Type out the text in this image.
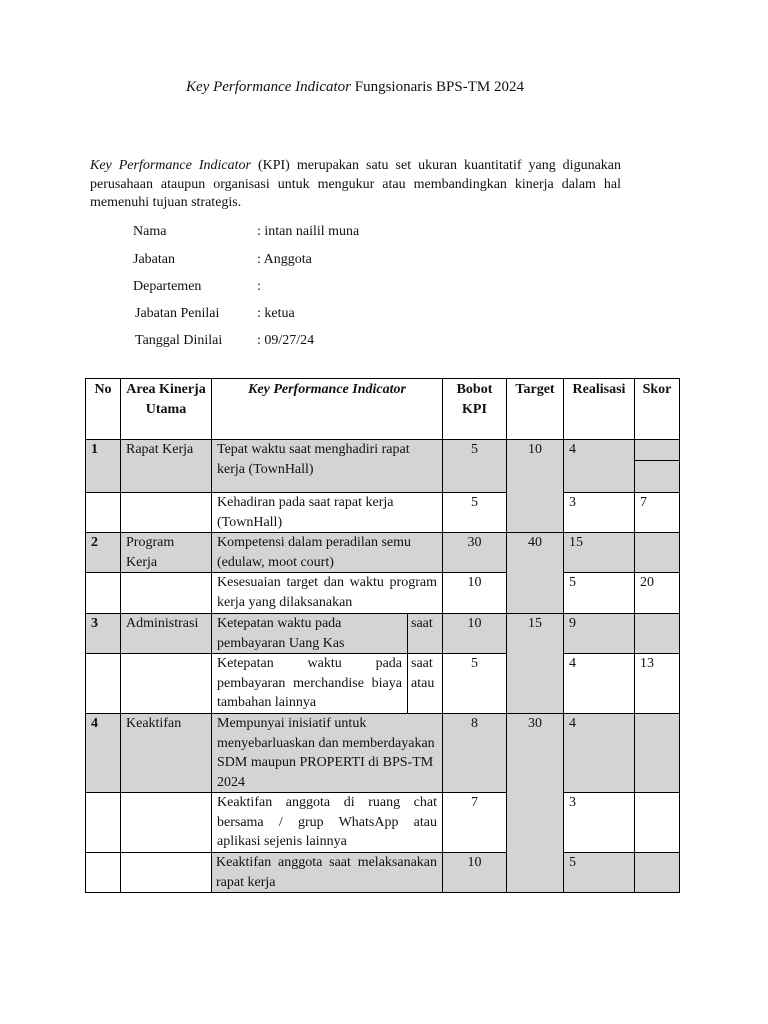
Key Performance Indicator Fungsionaris BPS-TM 2024
Key Performance Indicator (KPI) merupakan satu set ukuran kuantitatif yang digunakan perusahaan ataupun organisasi untuk mengukur atau membandingkan kinerja dalam hal memenuhi tujuan strategis.
Nama	: intan nailil muna
Jabatan	: Anggota
Departemen	:
Jabatan Penilai	: ketua
Tanggal Dinilai : 09/27/24
No	Area Kinerja Utama	Key Performance Indicator		Bobot KPI	Target	Realisasi	Skor
1	Rapat Kerja	Tepat waktu saat menghadiri rapat kerja (TownHall)		5	10	4	

		Kehadiran pada saat rapat kerja (TownHall)		5		3	7
2	Program Kerja	Kompetensi dalam peradilan semu (edulaw, moot court)		30	40	15	
		Kesesuaian target dan waktu program kerja yang dilaksanakan		10		5	20
3	Administrasi	Ketepatan waktu pada pembayaran Uang Kas	saat	10	15	9	
		Ketepatan waktu pada pembayaran merchandise biaya tambahan lainnya	saat atau	5		4	13
4	Keaktifan	Mempunyai inisiatif untuk menyebarluaskan dan memberdayakan SDM maupun PROPERTI di BPS-TM 2024		8	30	4	
		Keaktifan anggota di ruang chat bersama / grup WhatsApp atau aplikasi sejenis lainnya		7		3	
		Keaktifan anggota saat melaksanakan rapat kerja		10		5	
